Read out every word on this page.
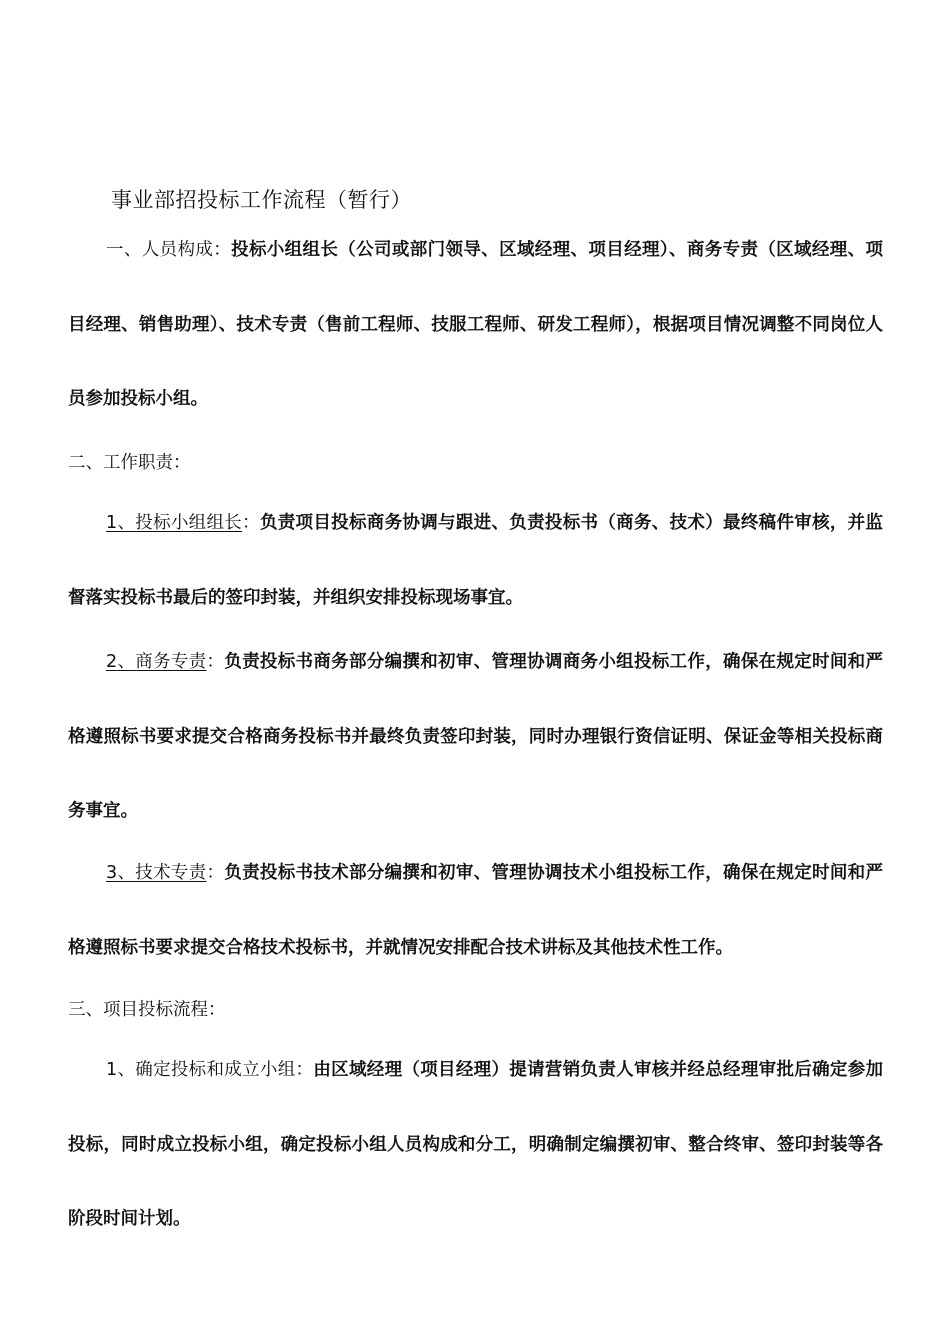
事业部招投标工作流程（暂行）

一、人员构成：投标小组组长（公司或部门领导、区域经理、项目经理）、商务专责（区域经理、项目经理、销售助理）、技术专责（售前工程师、技服工程师、研发工程师），根据项目情况调整不同岗位人员参加投标小组。

二、工作职责：

1、投标小组组长：负责项目投标商务协调与跟进、负责投标书（商务、技术）最终稿件审核，并监督落实投标书最后的签印封装，并组织安排投标现场事宜。

2、商务专责：负责投标书商务部分编撰和初审、管理协调商务小组投标工作，确保在规定时间和严格遵照标书要求提交合格商务投标书并最终负责签印封装，同时办理银行资信证明、保证金等相关投标商务事宜。

3、技术专责：负责投标书技术部分编撰和初审、管理协调技术小组投标工作，确保在规定时间和严格遵照标书要求提交合格技术投标书，并就情况安排配合技术讲标及其他技术性工作。

三、项目投标流程：

1、确定投标和成立小组：由区域经理（项目经理）提请营销负责人审核并经总经理审批后确定参加投标，同时成立投标小组，确定投标小组人员构成和分工，明确制定编撰初审、整合终审、签印封装等各阶段时间计划。
